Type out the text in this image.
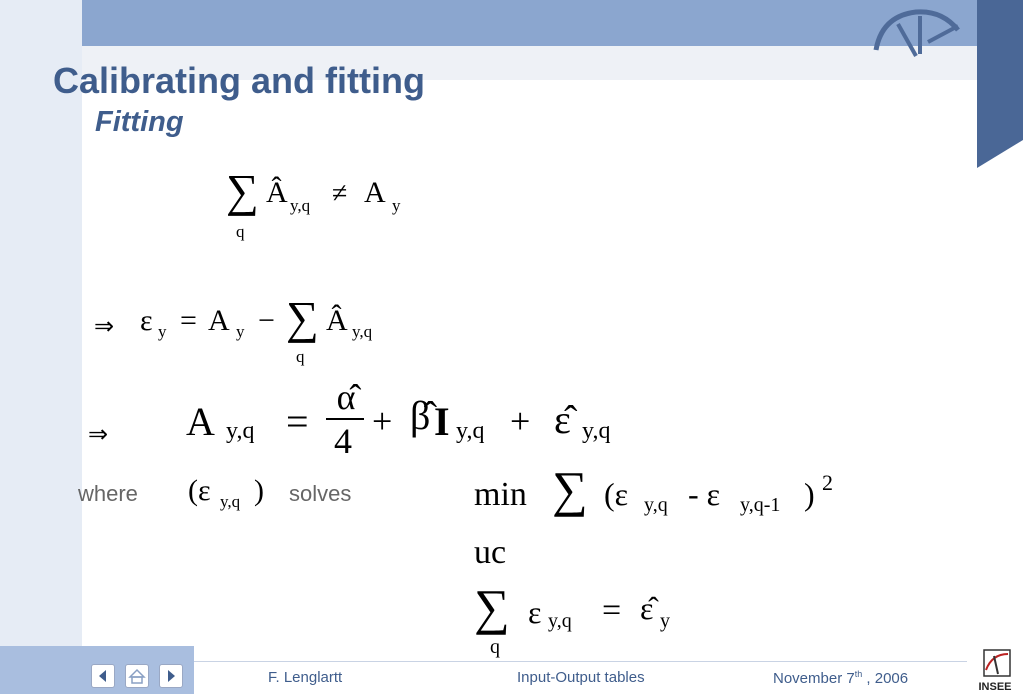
Calibrating and fitting
Fitting
∑
q
Â y,q ≠ A y
⇒ ε y = A y − ∑
q
Â y,q
⇒ A y,q =
α̂
4 + β̂ I y,q + ε̂ y,q
where (ε y,q ) solves	min ∑ (ε y,q - ε y,q-1 ) 2
uc
∑
q
ε y,q = ε̂ y
F. Lenglartt	Input-Output tables	November 7th , 2006	INSEE
